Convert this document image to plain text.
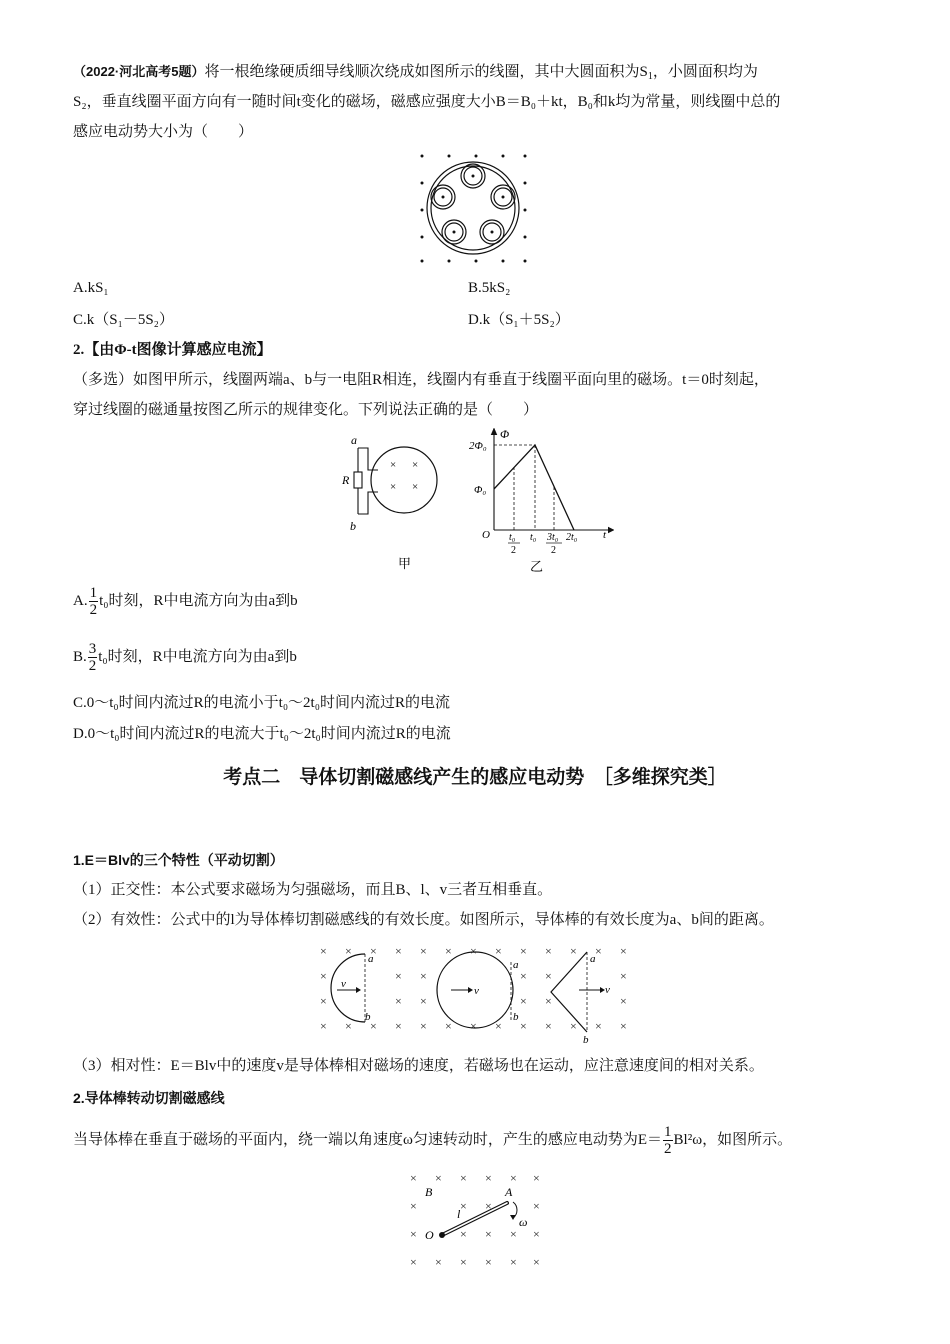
（2022·河北高考5题）将一根绝缘硬质细导线顺次绕成如图所示的线圈，其中大圆面积为$S_1$，小圆面积均为
S₂，垂直线圈平面方向有一随时间t变化的磁场，磁感应强度大小B＝B₀＋kt，B₀和k均为常量，则线圈中总的
感应电动势大小为（　　）
A.kS₁	B.5kS₂
C.k（S₁－5S₂）	D.k（S₁＋5S₂）
2.【由Φ-t图像计算感应电流】
（多选）如图甲所示，线圈两端a、b与一电阻R相连，线圈内有垂直于线圈平面向里的磁场。t＝0时刻起，
穿过线圈的磁通量按图乙所示的规律变化。下列说法正确的是（　　）
× ×
× ×
a
R
b
甲
Φ
2Φ₀
Φ₀
O	t
t₀
2
t₀ 3t₀
2
2t₀
乙
A. $\frac{1}{2} t_0$时刻，R中电流方向为由a到b
B. $\frac{3}{2} t_0$时刻，R中电流方向为由a到b
C.0～t₀时间内流过R的电流小于t₀～2t₀时间内流过R的电流
D.0～t₀时间内流过R的电流大于t₀～2t₀时间内流过R的电流
考点二　导体切割磁感线产生的感应电动势　［多维探究类］
1.E＝Blv的三个特性（平动切割）
（1）正交性：本公式要求磁场为匀强磁场，而且B、l、v三者互相垂直。
（2）有效性：公式中的l为导体棒切割磁感线的有效长度。如图所示，导体棒的有效长度为a、b间的距离。
× × × ×
×	×
×	×
× × × ×
× × × × ×
×
×
× × × × ×
×
×
× × × ×
×	×
×	×
× × × ×
v
a
b
v
a
b
v
a
b
（3）相对性：E＝Blv中的速度v是导体棒相对磁场的速度，若磁场也在运动，应注意速度间的相对关系。
2.导体棒转动切割磁感线
当导体棒在垂直于磁场的平面内，绕一端以角速度ω匀速转动时，产生的感应电动势为$E= \frac{1}{2} Bl^2\omega$，如图所示。
× × × × × ×
×	× ×	×
×	× × × ×
× × × × × ×
B	A
O
l
ω
